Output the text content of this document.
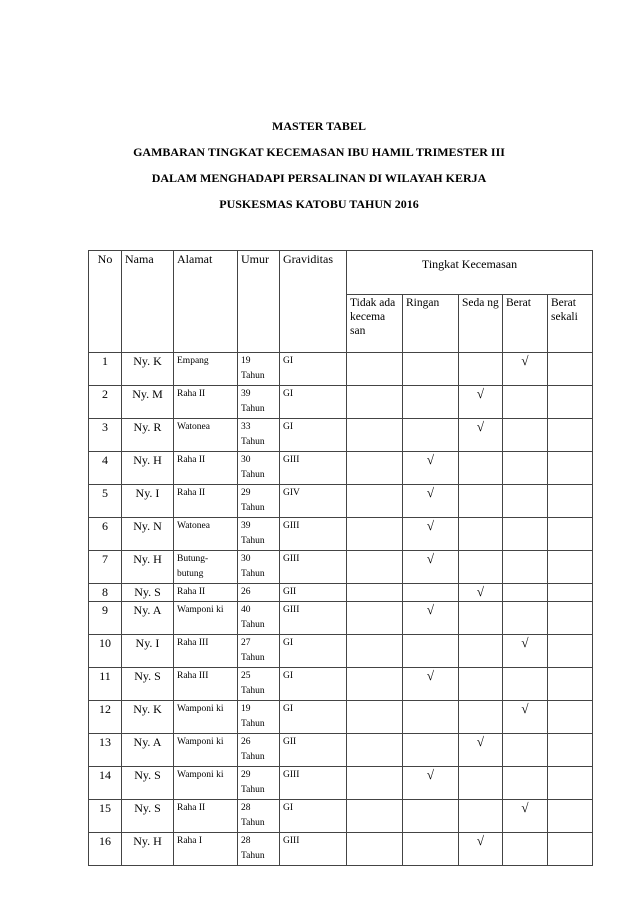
MASTER TABEL
GAMBARAN TINGKAT KECEMASAN IBU HAMIL TRIMESTER III
DALAM MENGHADAPI PERSALINAN DI WILAYAH KERJA
PUSKESMAS KATOBU TAHUN 2016
No	Nama	Alamat	Umur	Graviditas	Tingkat Kecemasan				
					Tidak ada kecema san	Ringan	Seda ng	Berat	Berat sekali
1	Ny. K	Empang	19 Tahun	GI				√	
2	Ny. M	Raha II	39 Tahun	GI			√		
3	Ny. R	Watonea	33 Tahun	GI			√		
4	Ny. H	Raha II	30 Tahun	GIII		√			
5	Ny. I	Raha II	29 Tahun	GIV		√			
6	Ny. N	Watonea	39 Tahun	GIII		√			
7	Ny. H	Butung- butung	30 Tahun	GIII		√			
8	Ny. S	Raha II	26	GII			√		
9	Ny. A	Wamponi ki	40 Tahun	GIII		√			
10	Ny. I	Raha III	27 Tahun	GI				√	
11	Ny. S	Raha III	25 Tahun	GI		√			
12	Ny. K	Wamponi ki	19 Tahun	GI				√	
13	Ny. A	Wamponi ki	26 Tahun	GII			√		
14	Ny. S	Wamponi ki	29 Tahun	GIII		√			
15	Ny. S	Raha II	28 Tahun	GI				√	
16	Ny. H	Raha I	28 Tahun	GIII			√		
